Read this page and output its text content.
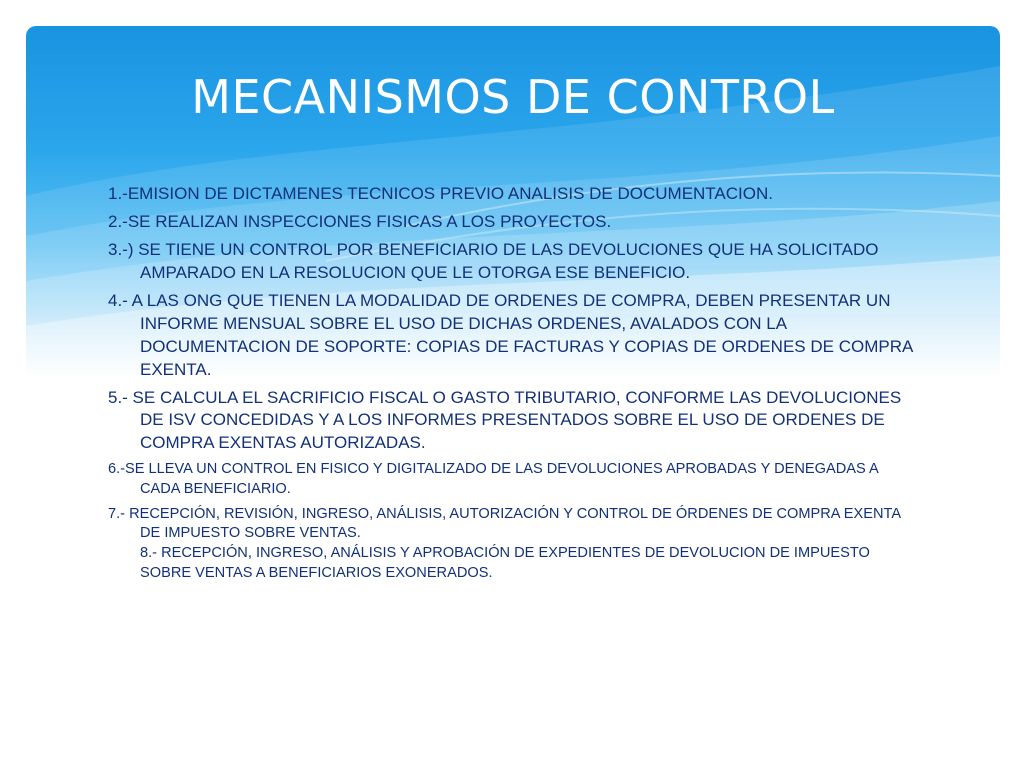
MECANISMOS DE CONTROL

1.-EMISION DE DICTAMENES TECNICOS PREVIO ANALISIS DE DOCUMENTACION.

2.-SE REALIZAN INSPECCIONES FISICAS A LOS PROYECTOS.

3.-) SE TIENE UN CONTROL POR BENEFICIARIO DE LAS DEVOLUCIONES QUE HA SOLICITADO AMPARADO EN LA RESOLUCION QUE LE OTORGA ESE BENEFICIO.

4.- A LAS ONG QUE TIENEN LA MODALIDAD DE ORDENES DE COMPRA, DEBEN PRESENTAR UN INFORME MENSUAL SOBRE EL USO DE DICHAS ORDENES, AVALADOS CON LA DOCUMENTACION DE SOPORTE: COPIAS DE FACTURAS Y COPIAS DE ORDENES DE COMPRA EXENTA.

5.- SE CALCULA EL SACRIFICIO FISCAL O GASTO TRIBUTARIO, CONFORME LAS DEVOLUCIONES DE ISV CONCEDIDAS Y A LOS INFORMES PRESENTADOS SOBRE EL USO DE ORDENES DE COMPRA EXENTAS AUTORIZADAS.

6.-SE LLEVA UN CONTROL EN FISICO Y DIGITALIZADO DE LAS DEVOLUCIONES APROBADAS Y DENEGADAS A CADA BENEFICIARIO.

7.- RECEPCIÓN, REVISIÓN, INGRESO, ANÁLISIS, AUTORIZACIÓN Y CONTROL DE ÓRDENES DE COMPRA EXENTA DE IMPUESTO SOBRE VENTAS.
8.- RECEPCIÓN, INGRESO, ANÁLISIS Y APROBACIÓN DE EXPEDIENTES DE DEVOLUCION DE IMPUESTO SOBRE VENTAS A BENEFICIARIOS EXONERADOS.
